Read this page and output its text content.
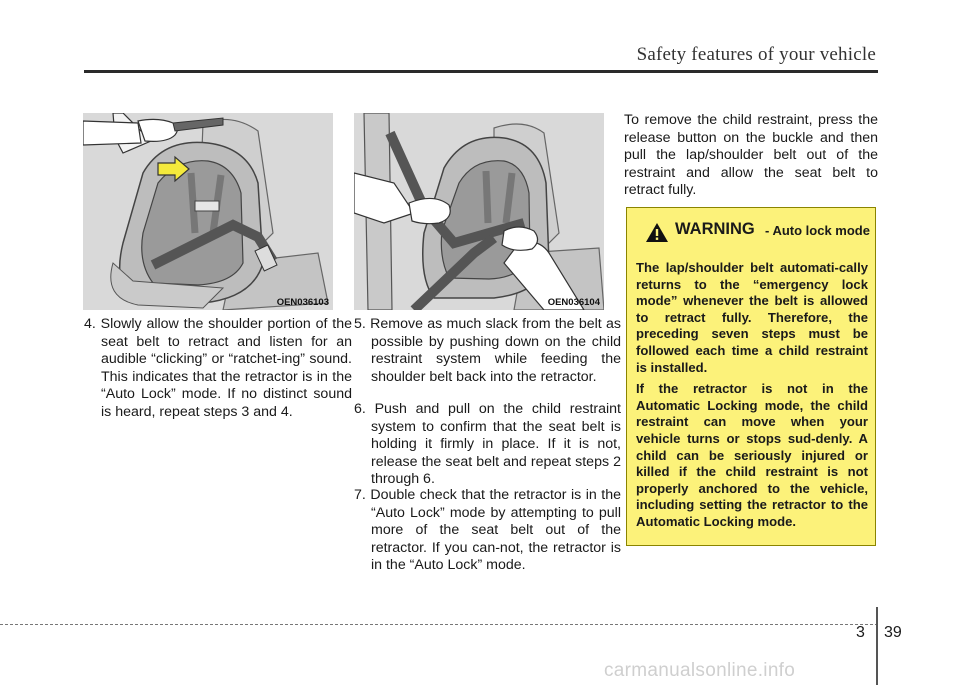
Safety features of your vehicle
OEN036103	OEN036104
4. Slowly allow the shoulder portion of the seat belt to retract and listen for an audible “clicking” or “ratchet-ing” sound. This indicates that the retractor is in the “Auto Lock” mode. If no distinct sound is heard, repeat steps 3 and 4.
5. Remove as much slack from the belt as possible by pushing down on the child restraint system while feeding the shoulder belt back into the retractor.
6. Push and pull on the child restraint system to confirm that the seat belt is holding it firmly in place. If it is not, release the seat belt and repeat steps 2 through 6.
7. Double check that the retractor is in the “Auto Lock” mode by attempting to pull more of the seat belt out of the retractor. If you can-not, the retractor is in the “Auto Lock” mode.
To remove the child restraint, press the release button on the buckle and then pull the lap/shoulder belt out of the restraint and allow the seat belt to retract fully.
WARNING - Auto lock mode

The lap/shoulder belt automati-cally returns to the “emergency lock mode” whenever the belt is allowed to retract fully. Therefore, the preceding seven steps must be followed each time a child restraint is installed.

If the retractor is not in the Automatic Locking mode, the child restraint can move when your vehicle turns or stops sud-denly. A child can be seriously injured or killed if the child restraint is not properly anchored to the vehicle, including setting the retractor to the Automatic Locking mode.

3 39
carmanualsonline.info
